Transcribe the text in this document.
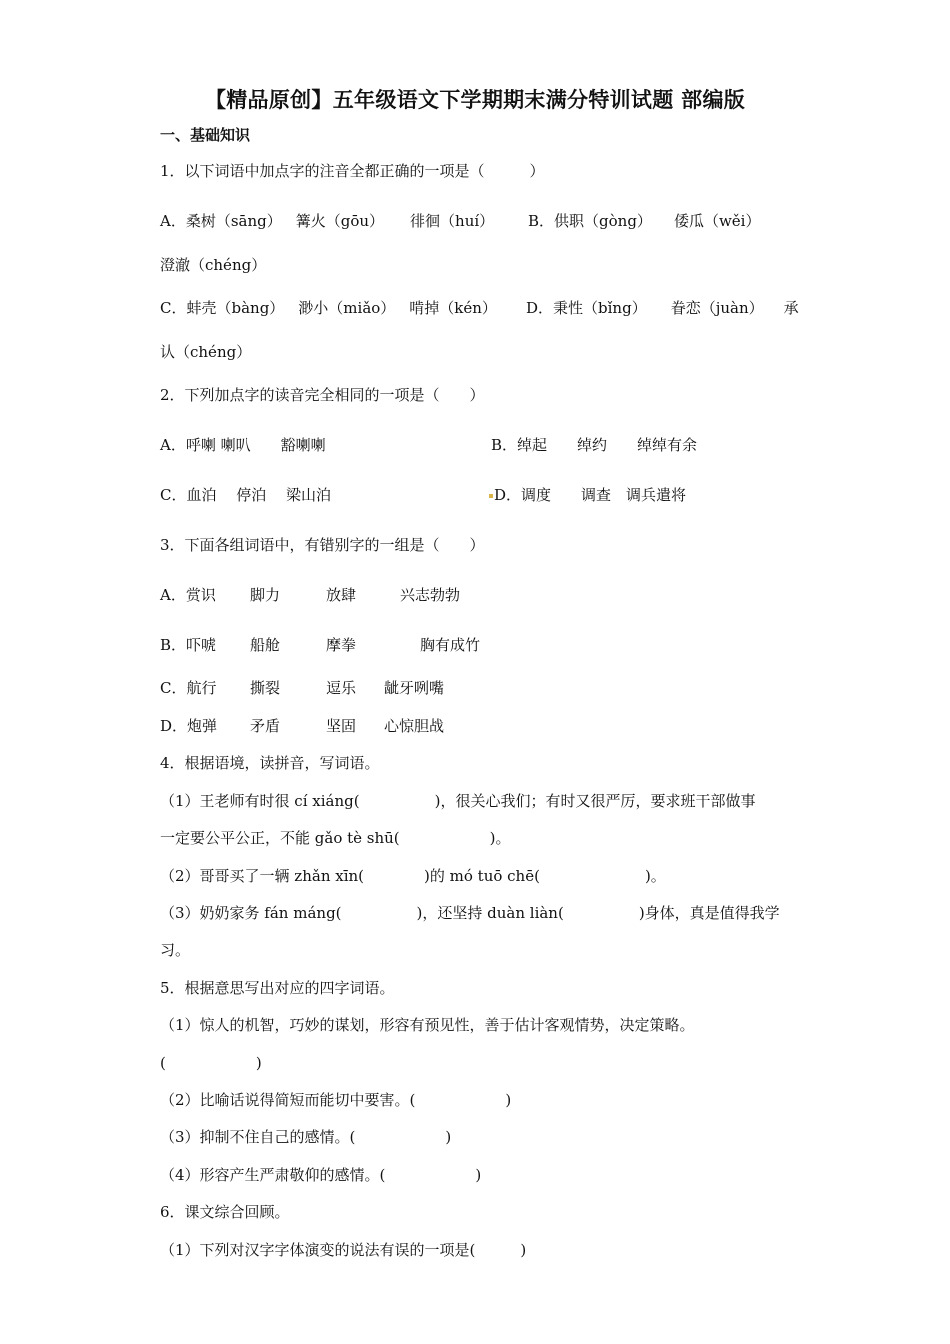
【精品原创】五年级语文下学期期末满分特训试题 部编版
一、基础知识
1．以下词语中加点字的注音全都正确的一项是（　　　）
A．桑树（sāng） 篝火（gōu） 徘徊（huí）	B．供职（gòng） 倭瓜（wěi）
澄澈（chéng）
C．蚌壳（bàng） 渺小（miǎo） 啃掉（kén） D．秉性（bǐng） 眷恋（juàn） 承
认（chéng）
2．下列加点字的读音完全相同的一项是（　　）
A．呼喇 喇叭　　豁喇喇	B．绰起　　绰约　　绰绰有余
C．血泊　 停泊　 梁山泊	D．调度　　调查　调兵遣将
3．下面各组词语中，有错别字的一组是（　　）
A．赏识 脚力	放肆	兴志勃勃
B．吓唬 船舱	摩拳	胸有成竹
C．航行 撕裂	逗乐 龇牙咧嘴
D．炮弹 矛盾	坚固 心惊胆战
4．根据语境，读拼音，写词语。
（1）王老师有时很 cí xiáng(　　　　　)，很关心我们；有时又很严厉，要求班干部做事
一定要公平公正，不能 gǎo tè shū(　　　　　　)。
（2）哥哥买了一辆 zhǎn xīn(　　　　)的 mó tuō chē(　　　　　　　)。
（3）奶奶家务 fán máng(　　　　　)，还坚持 duàn liàn(　　　　　)身体，真是值得我学
习。
5．根据意思写出对应的四字词语。
（1）惊人的机智，巧妙的谋划，形容有预见性，善于估计客观情势，决定策略。
(　　　　　　)
（2）比喻话说得简短而能切中要害。(　　　　　　)
（3）抑制不住自己的感情。(　　　　　　)
（4）形容产生严肃敬仰的感情。(　　　　　　)
6．课文综合回顾。
（1）下列对汉字字体演变的说法有误的一项是(　　　)
